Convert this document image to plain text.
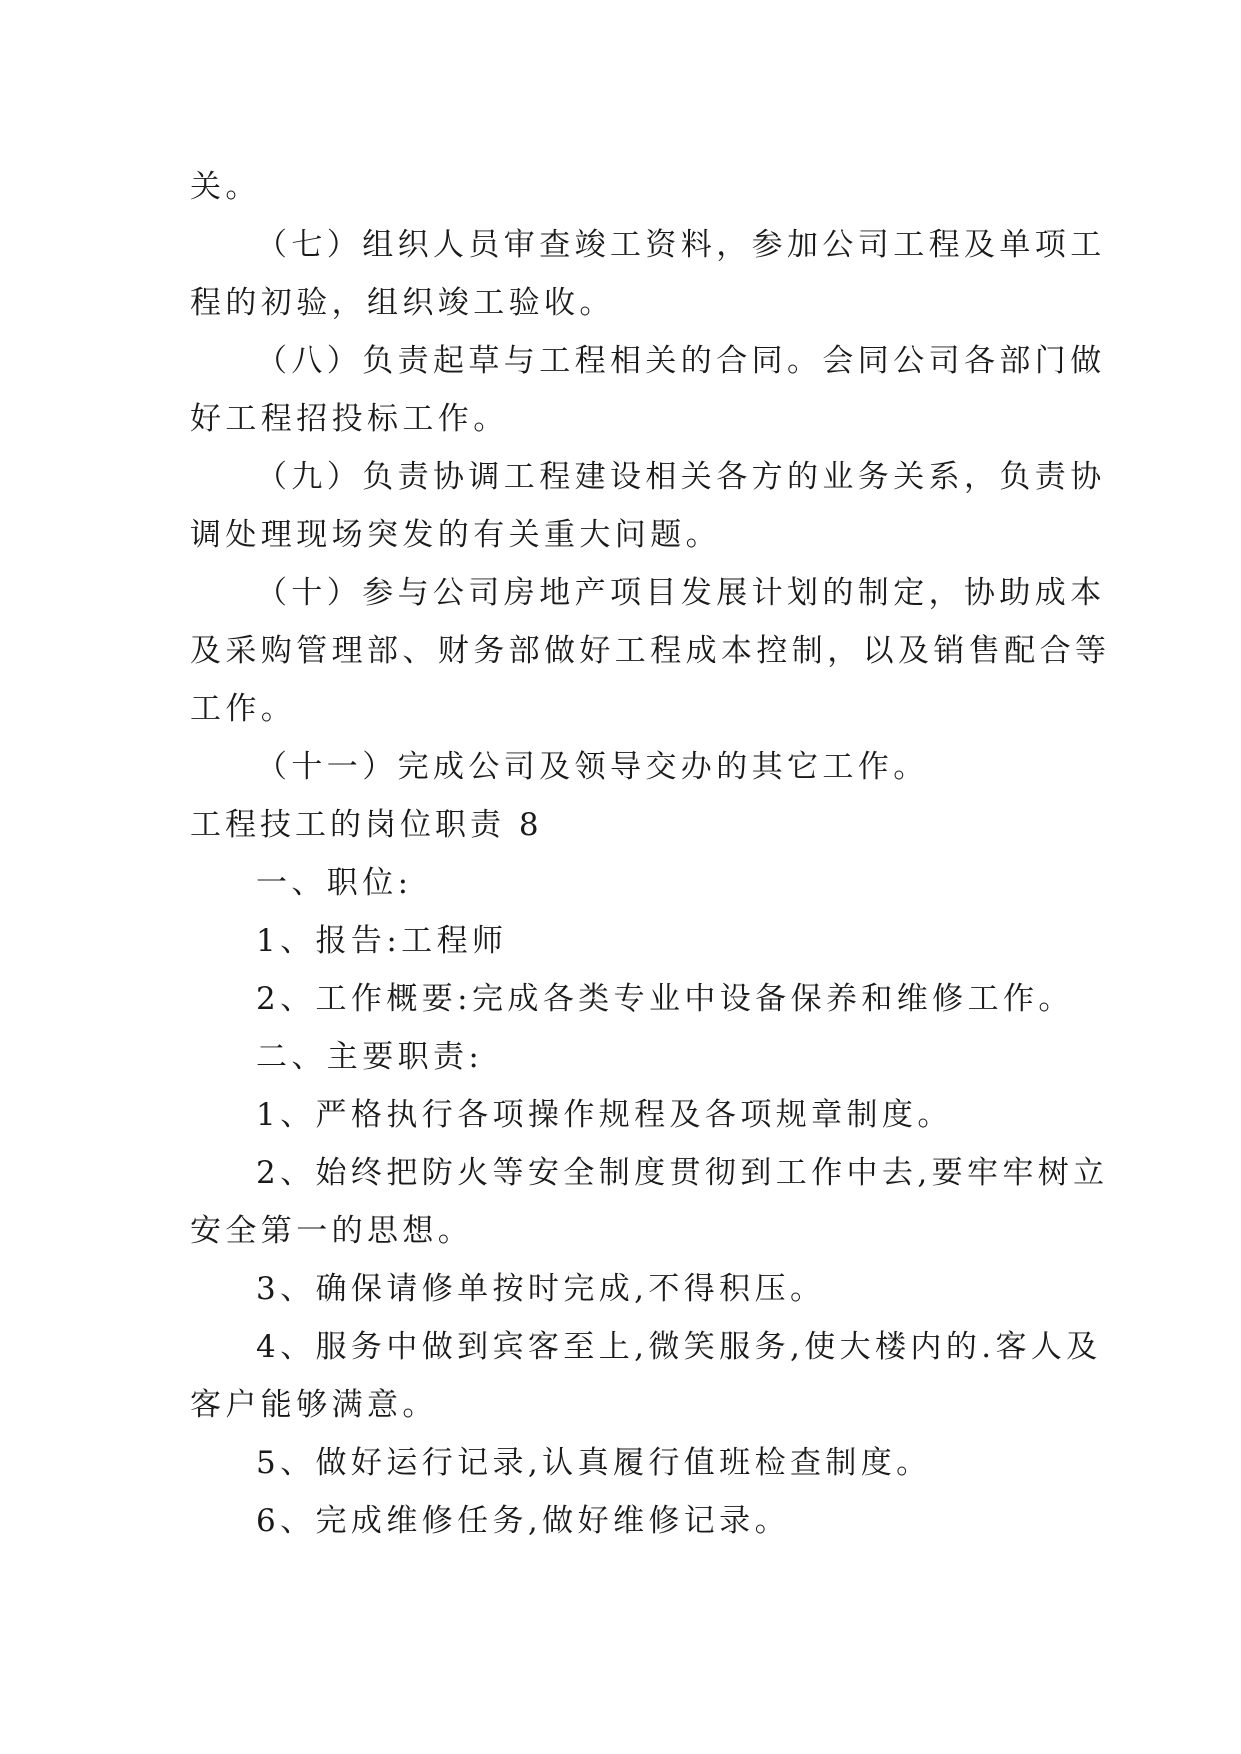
关。
（七）组织人员审查竣工资料，参加公司工程及单项工
程的初验，组织竣工验收。
（八）负责起草与工程相关的合同。会同公司各部门做
好工程招投标工作。
（九）负责协调工程建设相关各方的业务关系，负责协
调处理现场突发的有关重大问题。
（十）参与公司房地产项目发展计划的制定，协助成本
及采购管理部、财务部做好工程成本控制，以及销售配合等
工作。
（十一）完成公司及领导交办的其它工作。
工程技工的岗位职责 8
一、职位:
1、报告:工程师
2、工作概要:完成各类专业中设备保养和维修工作。
二、主要职责:
1、严格执行各项操作规程及各项规章制度。
2、始终把防火等安全制度贯彻到工作中去,要牢牢树立
安全第一的思想。
3、确保请修单按时完成,不得积压。
4、服务中做到宾客至上,微笑服务,使大楼内的.客人及
客户能够满意。
5、做好运行记录,认真履行值班检查制度。
6、完成维修任务,做好维修记录。
